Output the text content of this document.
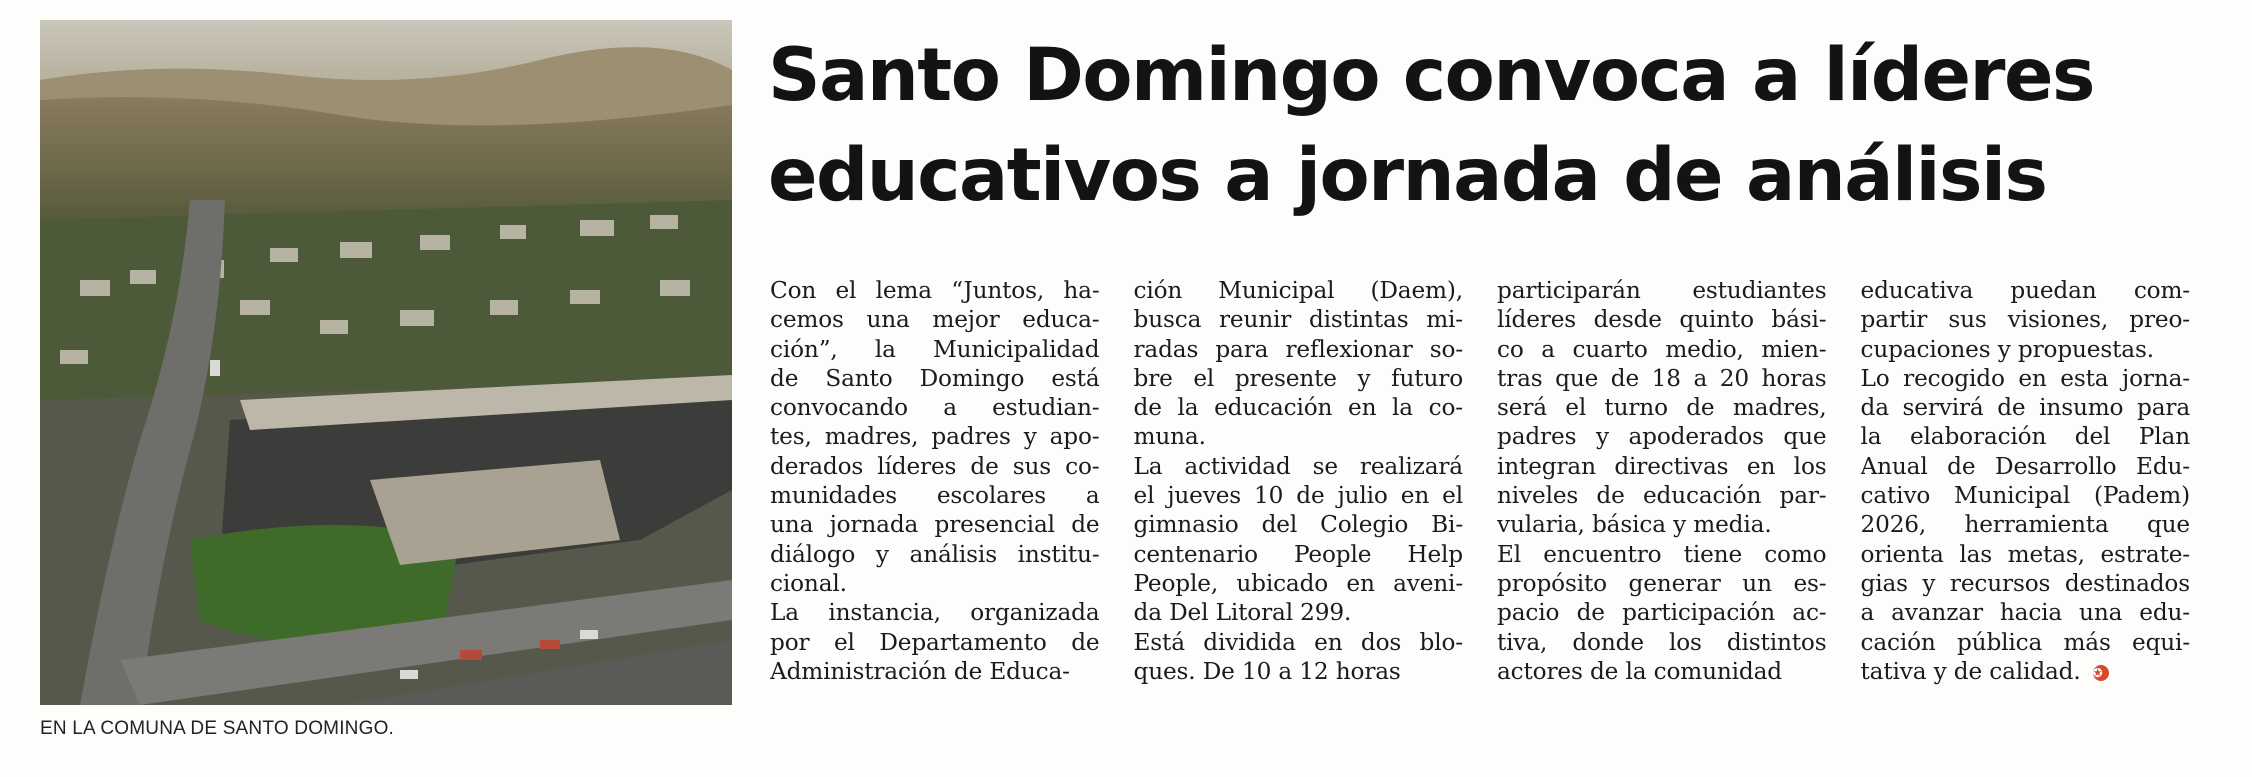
EN LA COMUNA DE SANTO DOMINGO.
Santo Domingo convoca a líderes
educativos a jornada de análisis
Con el lema “Juntos, ha-
cemos una mejor educa-
ción”, la Municipalidad
de Santo Domingo está
convocando a estudian-
tes, madres, padres y apo-
derados líderes de sus co-
munidades escolares a
una jornada presencial de
diálogo y análisis institu-
cional.
La instancia, organizada
por el Departamento de
Administración de Educa-
ción Municipal (Daem),
busca reunir distintas mi-
radas para reflexionar so-
bre el presente y futuro
de la educación en la co-
muna.
La actividad se realizará
el jueves 10 de julio en el
gimnasio del Colegio Bi-
centenario People Help
People, ubicado en aveni-
da Del Litoral 299.
Está dividida en dos blo-
ques. De 10 a 12 horas
participarán estudiantes
líderes desde quinto bási-
co a cuarto medio, mien-
tras que de 18 a 20 horas
será el turno de madres,
padres y apoderados que
integran directivas en los
niveles de educación par-
vularia, básica y media.
El encuentro tiene como
propósito generar un es-
pacio de participación ac-
tiva, donde los distintos
actores de la comunidad
educativa puedan com-
partir sus visiones, preo-
cupaciones y propuestas.
Lo recogido en esta jorna-
da servirá de insumo para
la elaboración del Plan
Anual de Desarrollo Edu-
cativo Municipal (Padem)
2026, herramienta que
orienta las metas, estrate-
gias y recursos destinados
a avanzar hacia una edu-
cación pública más equi-
tativa y de calidad. ✪
